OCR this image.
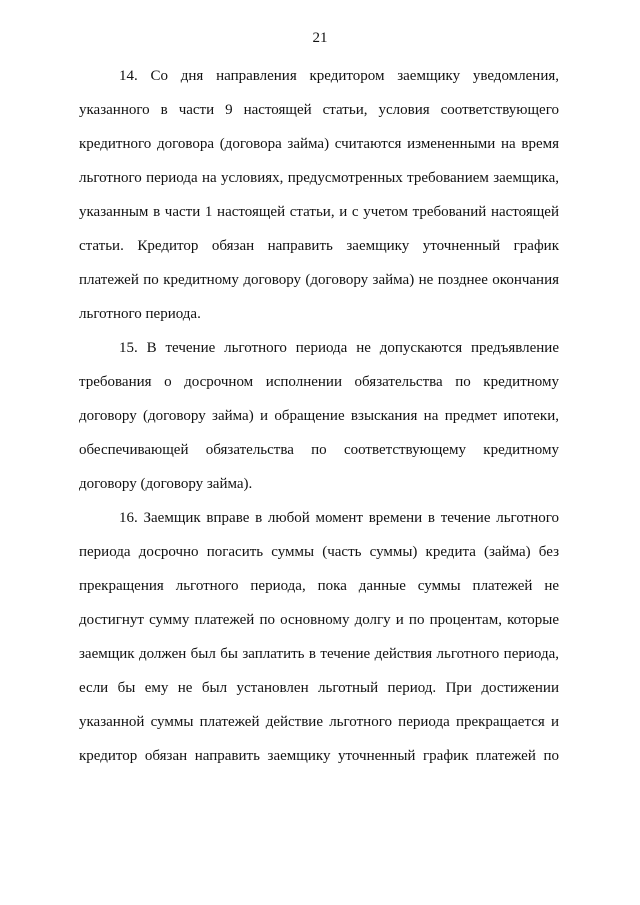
21

14. Со дня направления кредитором заемщику уведомления, указанного в части 9 настоящей статьи, условия соответствующего кредитного договора (договора займа) считаются измененными на время льготного периода на условиях, предусмотренных требованием заемщика, указанным в части 1 настоящей статьи, и с учетом требований настоящей статьи. Кредитор обязан направить заемщику уточненный график платежей по кредитному договору (договору займа) не позднее окончания льготного периода.

15. В течение льготного периода не допускаются предъявление требования о досрочном исполнении обязательства по кредитному договору (договору займа) и обращение взыскания на предмет ипотеки, обеспечивающей обязательства по соответствующему кредитному договору (договору займа).

16. Заемщик вправе в любой момент времени в течение льготного периода досрочно погасить суммы (часть суммы) кредита (займа) без прекращения льготного периода, пока данные суммы платежей не достигнут сумму платежей по основному долгу и по процентам, которые заемщик должен был бы заплатить в течение действия льготного периода, если бы ему не был установлен льготный период. При достижении указанной суммы платежей действие льготного периода прекращается и кредитор обязан направить заемщику уточненный график платежей по
